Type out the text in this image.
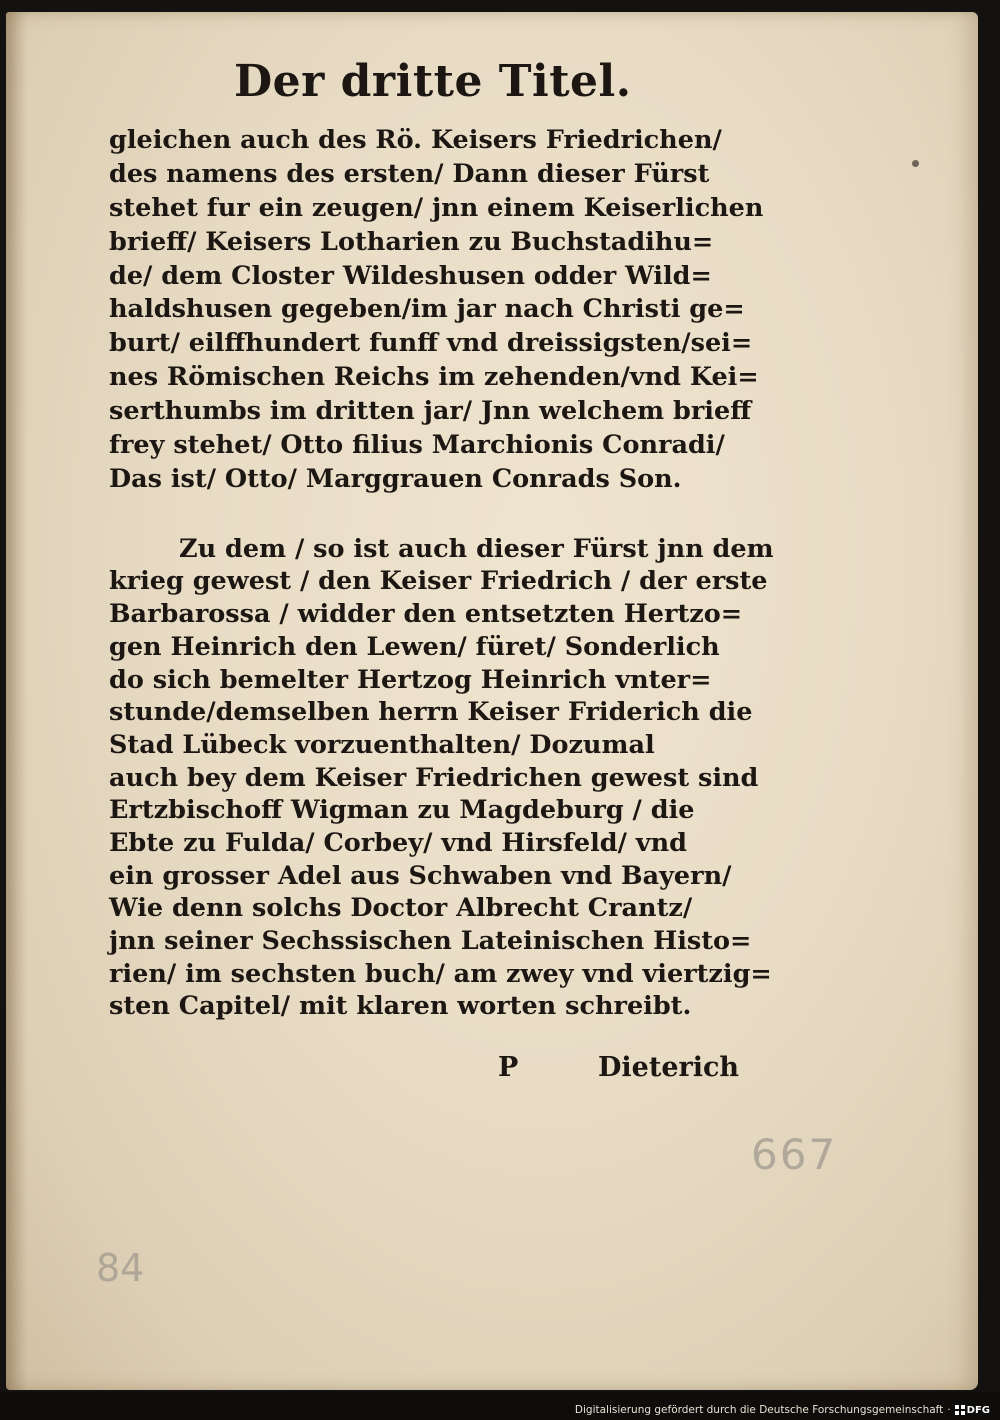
Der dritte Titel.

gleichen auch des Rö. Keisers Friedrichen/

des namens des ersten/ Dann dieser Fürst

stehet fur ein zeugen/ jnn einem Keiserlichen

brieff/ Keisers Lotharien zu Buchstadihu=

de/ dem Closter Wildeshusen odder Wild=

haldshusen gegeben/im jar nach Christi ge=

burt/ eilffhundert funff vnd dreissigsten/sei=

nes Römischen Reichs im zehenden/vnd Kei=

serthumbs im dritten jar/ Jnn welchem brieff

frey stehet/ Otto filius Marchionis Conradi/

Das ist/ Otto/ Marggrauen Conrads Son.

Zu dem / so ist auch dieser Fürst jnn dem

krieg gewest / den Keiser Friedrich / der erste

Barbarossa / widder den entsetzten Hertzo=

gen Heinrich den Lewen/ füret/ Sonderlich

do sich bemelter Hertzog Heinrich vnter=

stunde/demselben herrn Keiser Friderich die

Stad Lübeck vorzuenthalten/ Dozumal

auch bey dem Keiser Friedrichen gewest sind

Ertzbischoff Wigman zu Magdeburg / die

Ebte zu Fulda/ Corbey/ vnd Hirsfeld/ vnd

ein grosser Adel aus Schwaben vnd Bayern/

Wie denn solchs Doctor Albrecht Crantz/

jnn seiner Sechssischen Lateinischen Histo=

rien/ im sechsten buch/ am zwey vnd viertzig=

sten Capitel/ mit klaren worten schreibt.

P	Dieterich
667
84
Digitalisierung gefördert durch die Deutsche Forschungsgemeinschaft · DFG
